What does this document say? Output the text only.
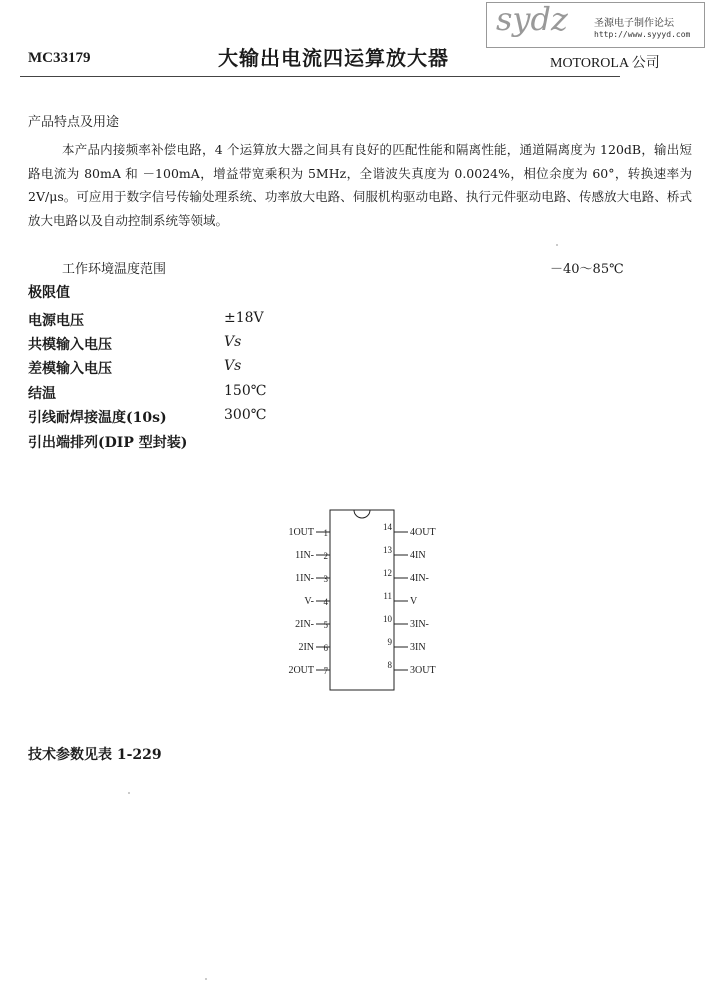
sydz	圣源电子制作论坛
http://www.syyyd.com
MC33179	大输出电流四运算放大器	MOTOROLA 公司
产品特点及用途
本产品内接频率补偿电路，4 个运算放大器之间具有良好的匹配性能和隔离性能，通道隔离度为 120dB，输出短路电流为 80mA 和 －100mA，增益带宽乘积为 5MHz，全谐波失真度为 0.0024%，相位余度为 60°，转换速率为 2V/μs。可应用于数字信号传输处理系统、功率放大电路、伺服机构驱动电路、执行元件驱动电路、传感放大电路、桥式放大电路以及自动控制系统等领域。
工作环境温度范围	－40～85℃
极限值
电源电压	±18V
共模输入电压	Vs
差模输入电压	Vs
结温	150℃
引线耐焊接温度(10s)	300℃
引出端排列(DIP 型封装)
1OUT 1
1IN- 2
1IN- 3
V- 4
2IN- 5
2IN 6
2OUT 7
4OUT
14
4IN
13
4IN-
12
V
11
3IN-
10
3IN
9
3OUT
8
技术参数见表 1-229
